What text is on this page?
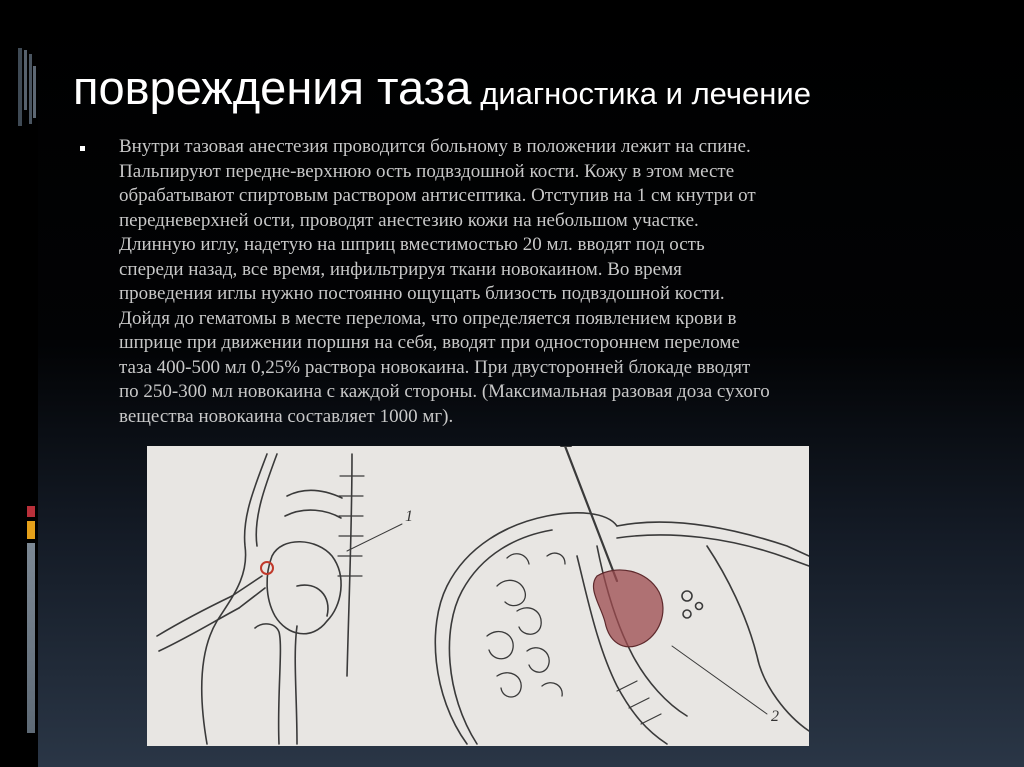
повреждения таза диагностика и лечение

Внутри тазовая анестезия проводится больному в положении лежит на спине.
Пальпируют передне-верхнюю ость подвздошной кости. Кожу в этом месте
обрабатывают спиртовым раствором антисептика. Отступив на 1 см кнутри от
передневерхней ости, проводят анестезию кожи на небольшом участке.
Длинную иглу, надетую на шприц вместимостью 20 мл. вводят под ость
спереди назад, все время, инфильтрируя ткани новокаином. Во время
проведения иглы нужно постоянно ощущать близость подвздошной кости.
Дойдя до гематомы в месте перелома, что определяется появлением крови в
шприце при движении поршня на себя, вводят при одностороннем переломе
таза 400-500 мл 0,25% раствора новокаина. При двусторонней блокаде вводят
по 250-300 мл новокаина с каждой стороны. (Максимальная разовая доза сухого
вещества новокаина составляет 1000 мг).

1
2
